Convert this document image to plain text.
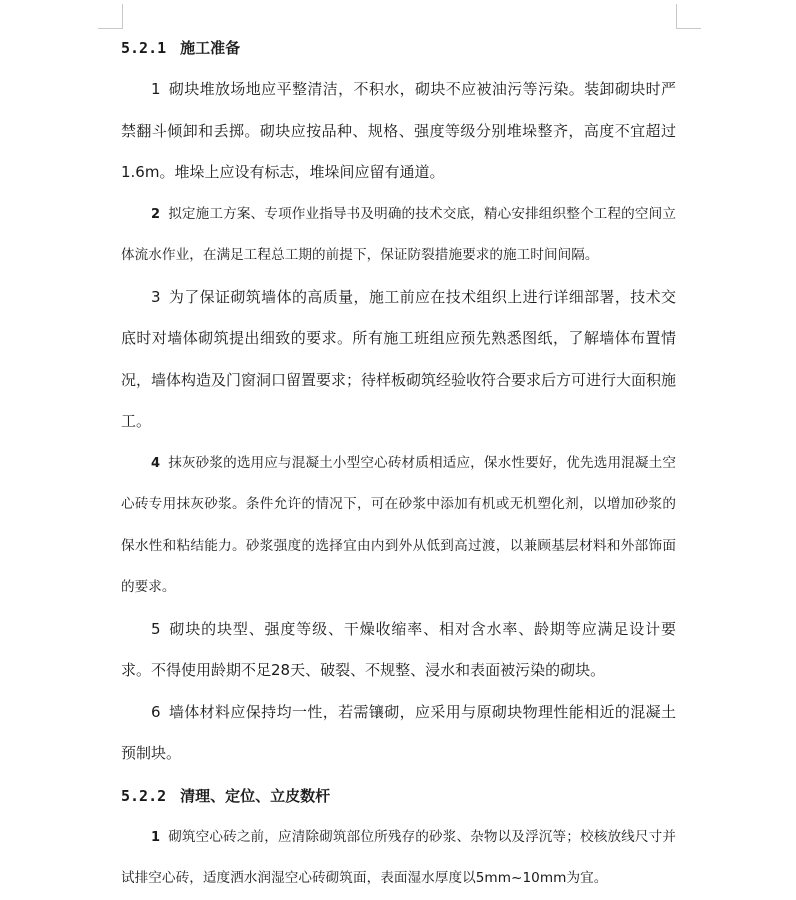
5.2.1 施工准备

1 砌块堆放场地应平整清洁，不积水，砌块不应被油污等污染。装卸砌块时严禁翻斗倾卸和丢掷。砌块应按品种、规格、强度等级分别堆垛整齐，高度不宜超过1.6m。堆垛上应设有标志，堆垛间应留有通道。

2 拟定施工方案、专项作业指导书及明确的技术交底，精心安排组织整个工程的空间立体流水作业，在满足工程总工期的前提下，保证防裂措施要求的施工时间间隔。

3 为了保证砌筑墙体的高质量，施工前应在技术组织上进行详细部署，技术交底时对墙体砌筑提出细致的要求。所有施工班组应预先熟悉图纸，了解墙体布置情况，墙体构造及门窗洞口留置要求；待样板砌筑经验收符合要求后方可进行大面积施工。

4 抹灰砂浆的选用应与混凝土小型空心砖材质相适应，保水性要好，优先选用混凝土空心砖专用抹灰砂浆。条件允许的情况下，可在砂浆中添加有机或无机塑化剂，以增加砂浆的保水性和粘结能力。砂浆强度的选择宜由内到外从低到高过渡，以兼顾基层材料和外部饰面的要求。

5 砌块的块型、强度等级、干燥收缩率、相对含水率、龄期等应满足设计要求。不得使用龄期不足28天、破裂、不规整、浸水和表面被污染的砌块。

6 墙体材料应保持均一性，若需镶砌，应采用与原砌块物理性能相近的混凝土预制块。

5.2.2 清理、定位、立皮数杆

1 砌筑空心砖之前，应清除砌筑部位所残存的砂浆、杂物以及浮沉等；校核放线尺寸并试排空心砖，适度洒水润湿空心砖砌筑面，表面湿水厚度以5mm~10mm为宜。
